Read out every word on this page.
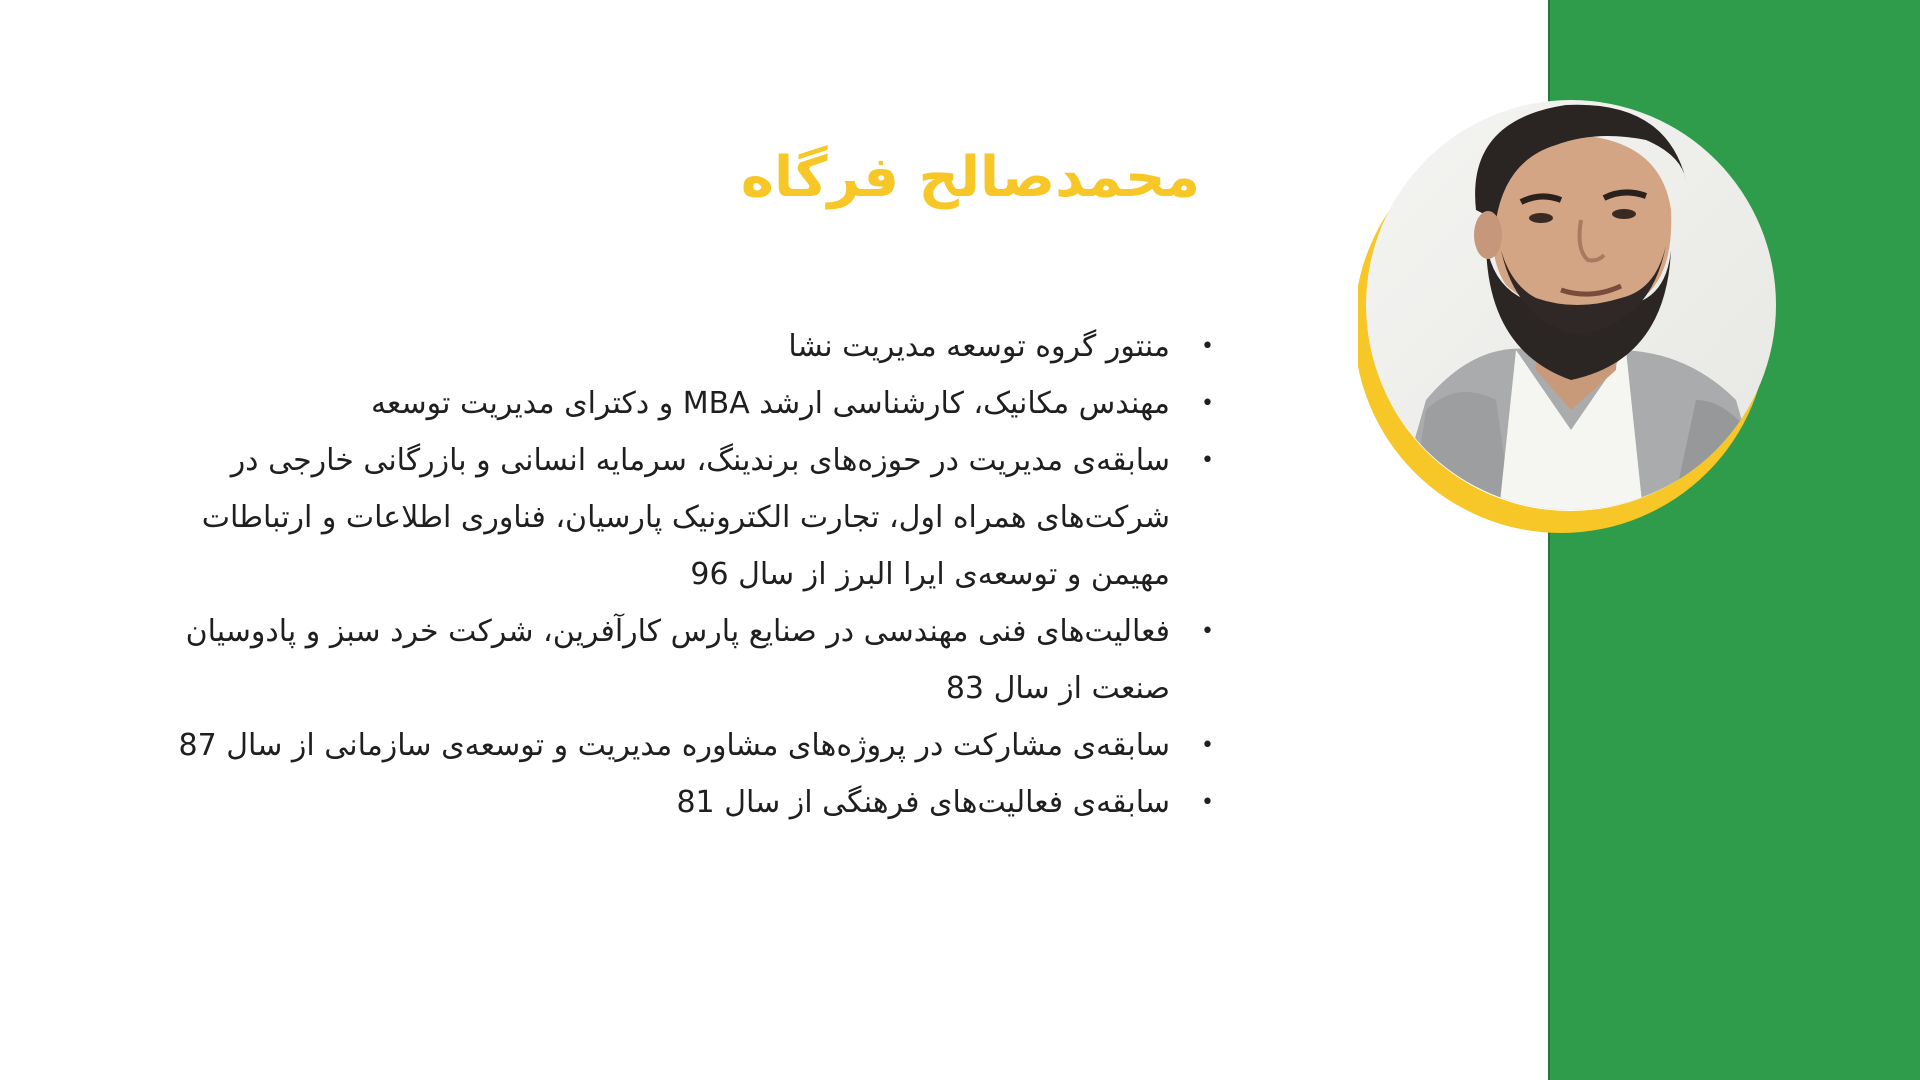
محمدصالح فرگاه
•
منتور گروه توسعه مدیریت نشا
•
مهندس مکانیک، کارشناسی ارشد MBA و دکترای مدیریت توسعه
•
سابقه‌ی مدیریت در حوزه‌های برندینگ، سرمایه انسانی و بازرگانی خارجی در شرکت‌های همراه اول، تجارت الکترونیک پارسیان، فناوری اطلاعات و ارتباطات مهیمن و توسعه‌ی ایرا البرز از سال 96
•
فعالیت‌های فنی مهندسی در صنایع پارس کارآفرین، شرکت خرد سبز و پادوسیان صنعت از سال 83
•
سابقه‌ی مشارکت در پروژه‌های مشاوره مدیریت و توسعه‌ی سازمانی از سال 87
•
سابقه‌ی فعالیت‌های فرهنگی از سال 81
